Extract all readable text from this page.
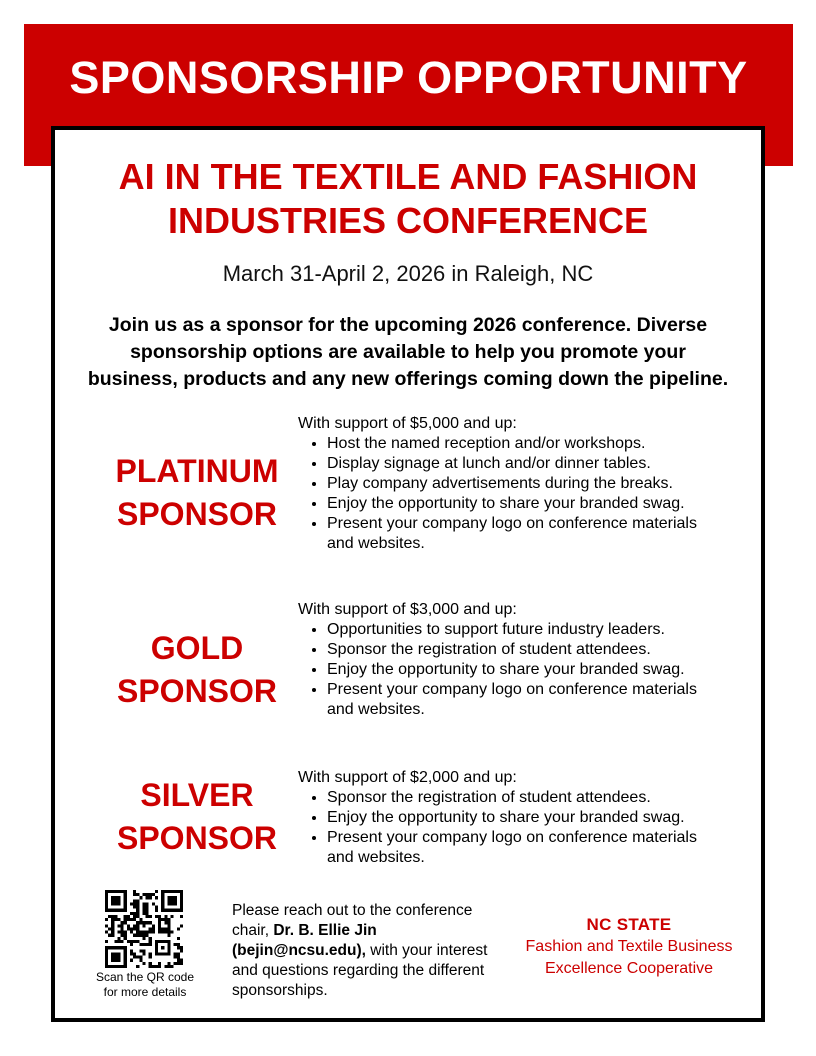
SPONSORSHIP OPPORTUNITY
AI IN THE TEXTILE AND FASHION
INDUSTRIES CONFERENCE
March 31-April 2, 2026 in Raleigh, NC
Join us as a sponsor for the upcoming 2026 conference. Diverse
sponsorship options are available to help you promote your
business, products and any new offerings coming down the pipeline.
PLATINUM
SPONSOR

With support of $5,000 and up:

• Host the named reception and/or workshops.
• Display signage at lunch and/or dinner tables.
• Play company advertisements during the breaks.
• Enjoy the opportunity to share your branded swag.
• Present your company logo on conference materials and websites.
GOLD
SPONSOR

With support of $3,000 and up:

• Opportunities to support future industry leaders.
• Sponsor the registration of student attendees.
• Enjoy the opportunity to share your branded swag.
• Present your company logo on conference materials and websites.
SILVER
SPONSOR

With support of $2,000 and up:

• Sponsor the registration of student attendees.
• Enjoy the opportunity to share your branded swag.
• Present your company logo on conference materials and websites.
Scan the QR code
for more details
Please reach out to the conference chair, Dr. B. Ellie Jin
(bejin@ncsu.edu), with your interest and questions regarding the different sponsorships.
NC STATE
Fashion and Textile Business
Excellence Cooperative
